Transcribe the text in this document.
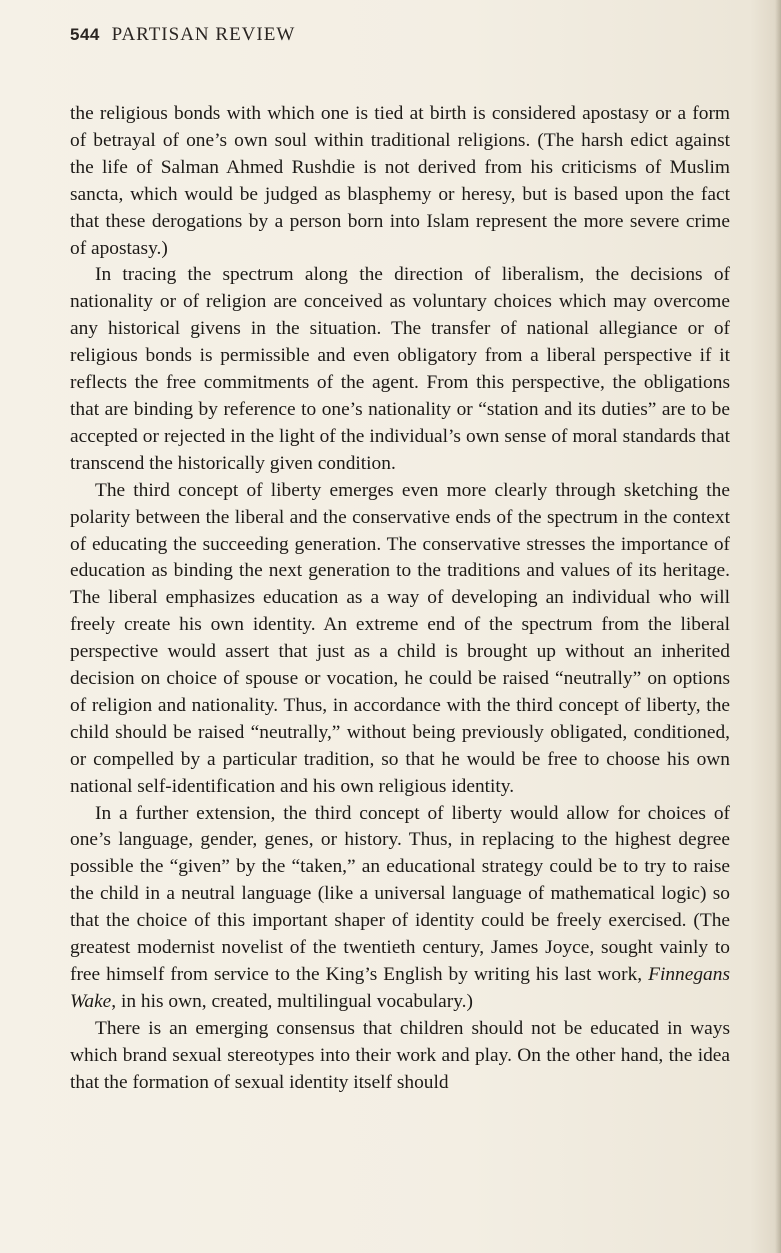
544 PARTISAN REVIEW

the religious bonds with which one is tied at birth is considered apostasy or a form of betrayal of one’s own soul within traditional religions. (The harsh edict against the life of Salman Ahmed Rushdie is not derived from his criticisms of Muslim sancta, which would be judged as blasphemy or heresy, but is based upon the fact that these derogations by a person born into Islam represent the more severe crime of apostasy.)

In tracing the spectrum along the direction of liberalism, the decisions of nationality or of religion are conceived as voluntary choices which may overcome any historical givens in the situation. The transfer of national allegiance or of religious bonds is permissible and even obligatory from a liberal perspective if it reflects the free commitments of the agent. From this perspective, the obligations that are binding by reference to one’s nationality or “station and its duties” are to be accepted or rejected in the light of the individual’s own sense of moral standards that transcend the historically given condition.

The third concept of liberty emerges even more clearly through sketching the polarity between the liberal and the conservative ends of the spectrum in the context of educating the succeeding generation. The conservative stresses the importance of education as binding the next generation to the traditions and values of its heritage. The liberal emphasizes education as a way of developing an individual who will freely create his own identity. An extreme end of the spectrum from the liberal perspective would assert that just as a child is brought up without an inherited decision on choice of spouse or vocation, he could be raised “neutrally” on options of religion and nationality. Thus, in accordance with the third concept of liberty, the child should be raised “neutrally,” without being previously obligated, conditioned, or compelled by a particular tradition, so that he would be free to choose his own national self-identification and his own religious identity.

In a further extension, the third concept of liberty would allow for choices of one’s language, gender, genes, or history. Thus, in replacing to the highest degree possible the “given” by the “taken,” an educational strategy could be to try to raise the child in a neutral language (like a universal language of mathematical logic) so that the choice of this important shaper of identity could be freely exercised. (The greatest modernist novelist of the twentieth century, James Joyce, sought vainly to free himself from service to the King’s English by writing his last work, Finnegans Wake, in his own, created, multilingual vocabulary.)

There is an emerging consensus that children should not be educated in ways which brand sexual stereotypes into their work and play. On the other hand, the idea that the formation of sexual identity itself should
